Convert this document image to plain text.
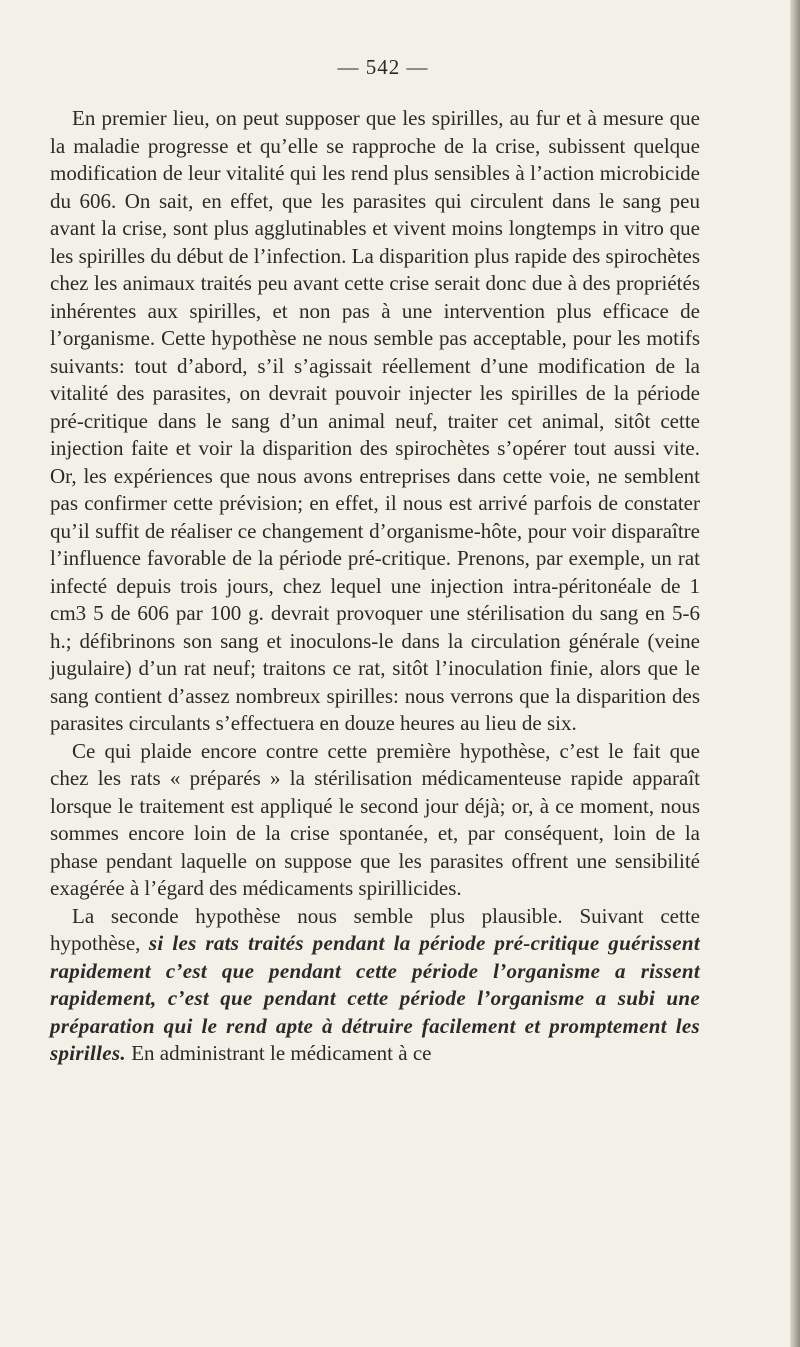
— 542 —

En premier lieu, on peut supposer que les spirilles, au fur et à mesure que la maladie progresse et qu’elle se rapproche de la crise, subissent quelque modification de leur vitalité qui les rend plus sensibles à l’action microbicide du 606. On sait, en effet, que les parasites qui circulent dans le sang peu avant la crise, sont plus agglutinables et vivent moins longtemps in vitro que les spirilles du début de l’infection. La disparition plus rapide des spirochètes chez les animaux traités peu avant cette crise serait donc due à des propriétés inhérentes aux spirilles, et non pas à une intervention plus efficace de l’organisme. Cette hypothèse ne nous semble pas acceptable, pour les motifs suivants: tout d’abord, s’il s’agissait réellement d’une modification de la vitalité des parasites, on devrait pouvoir injecter les spirilles de la période pré-critique dans le sang d’un animal neuf, traiter cet animal, sitôt cette injection faite et voir la disparition des spirochètes s’opérer tout aussi vite. Or, les expériences que nous avons entreprises dans cette voie, ne semblent pas confirmer cette prévision; en effet, il nous est arrivé parfois de constater qu’il suffit de réaliser ce changement d’organisme-hôte, pour voir disparaître l’influence favorable de la période pré-critique. Prenons, par exemple, un rat infecté depuis trois jours, chez lequel une injection intra-péritonéale de 1 cm3 5 de 606 par 100 g. devrait provoquer une stérilisation du sang en 5-6 h.; défibrinons son sang et inoculons-le dans la circulation générale (veine jugulaire) d’un rat neuf; traitons ce rat, sitôt l’inoculation finie, alors que le sang contient d’assez nombreux spirilles: nous verrons que la disparition des parasites circulants s’effectuera en douze heures au lieu de six.

Ce qui plaide encore contre cette première hypothèse, c’est le fait que chez les rats « préparés » la stérilisation médicamenteuse rapide apparaît lorsque le traitement est appliqué le second jour déjà; or, à ce moment, nous sommes encore loin de la crise spontanée, et, par conséquent, loin de la phase pendant laquelle on suppose que les parasites offrent une sensibilité exagérée à l’égard des médicaments spirillicides.

La seconde hypothèse nous semble plus plausible. Suivant cette hypothèse, si les rats traités pendant la période pré-critique guérissent rapidement c’est que pendant cette période l’organisme a rissent rapidement, c’est que pendant cette période l’organisme a subi une préparation qui le rend apte à détruire facilement et promptement les spirilles. En administrant le médicament à ce
